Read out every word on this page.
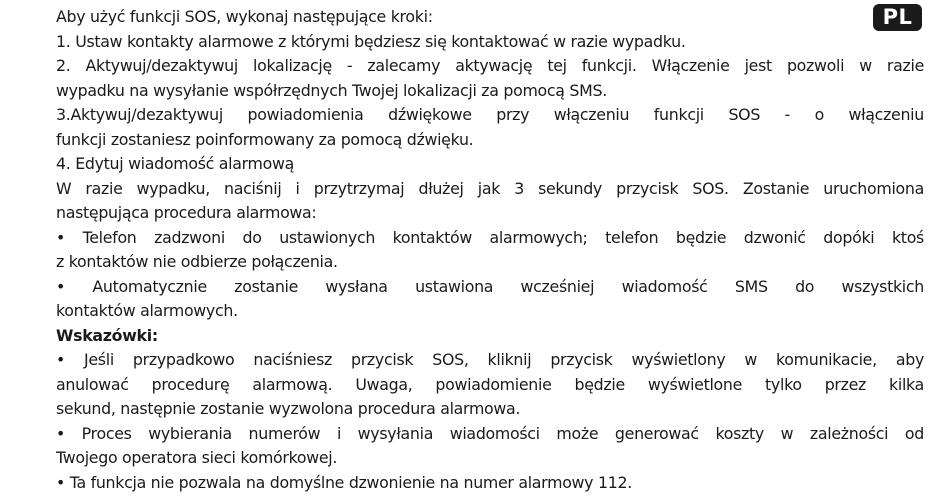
PL
Aby użyć funkcji SOS, wykonaj następujące kroki:
1. Ustaw kontakty alarmowe z którymi będziesz się kontaktować w razie wypadku.
2. Aktywuj/dezaktywuj lokalizację - zalecamy aktywację tej funkcji. Włączenie jest pozwoli w razie
wypadku na wysyłanie współrzędnych Twojej lokalizacji za pomocą SMS.
3.Aktywuj/dezaktywuj powiadomienia dźwiękowe przy włączeniu funkcji SOS - o włączeniu
funkcji zostaniesz poinformowany za pomocą dźwięku.
4. Edytuj wiadomość alarmową
W razie wypadku, naciśnij i przytrzymaj dłużej jak 3 sekundy przycisk SOS. Zostanie uruchomiona
następująca procedura alarmowa:
• Telefon zadzwoni do ustawionych kontaktów alarmowych; telefon będzie dzwonić dopóki ktoś
z kontaktów nie odbierze połączenia.
• Automatycznie zostanie wysłana ustawiona wcześniej wiadomość SMS do wszystkich
kontaktów alarmowych.
Wskazówki:
• Jeśli przypadkowo naciśniesz przycisk SOS, kliknij przycisk wyświetlony w komunikacie, aby
anulować procedurę alarmową. Uwaga, powiadomienie będzie wyświetlone tylko przez kilka
sekund, następnie zostanie wyzwolona procedura alarmowa.
• Proces wybierania numerów i wysyłania wiadomości może generować koszty w zależności od
Twojego operatora sieci komórkowej.
• Ta funkcja nie pozwala na domyślne dzwonienie na numer alarmowy 112.
